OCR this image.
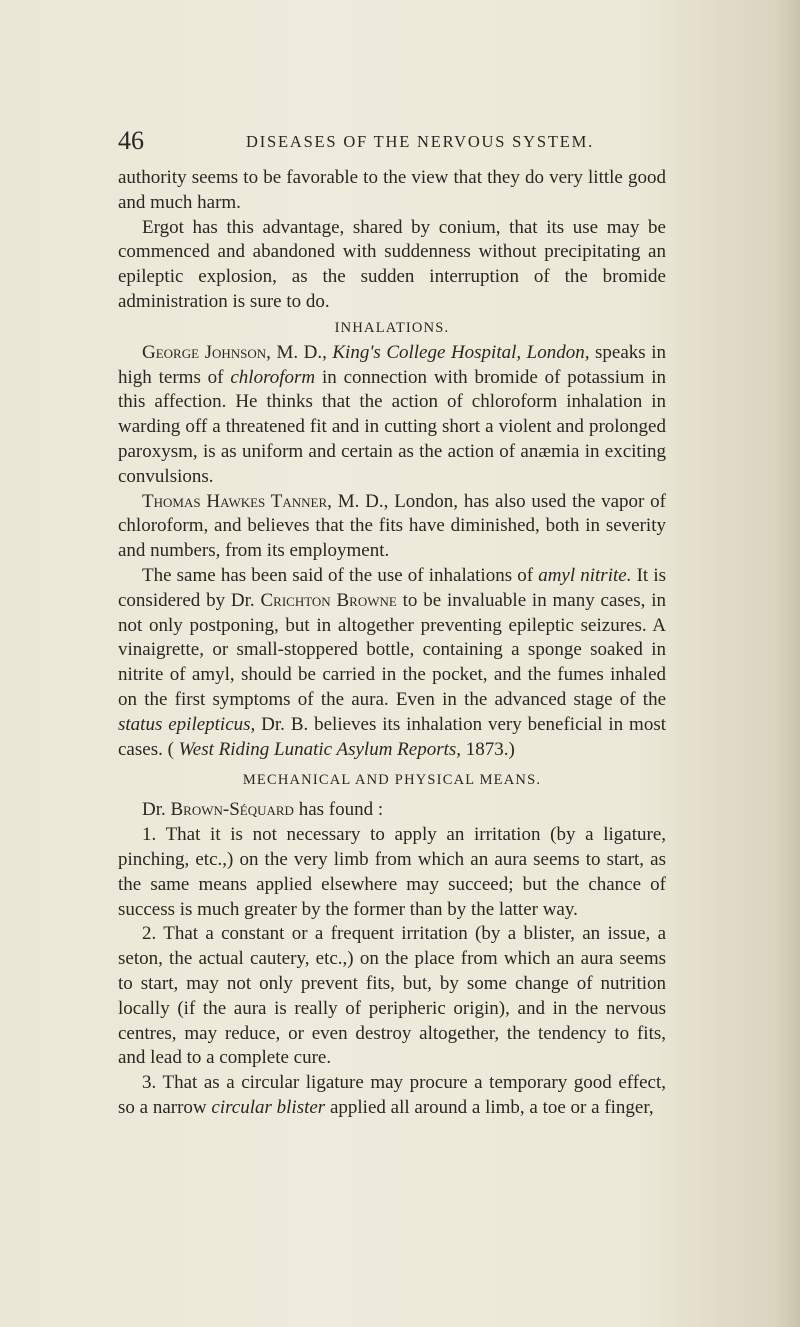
46	DISEASES OF THE NERVOUS SYSTEM.

authority seems to be favorable to the view that they do very little good and much harm.

Ergot has this advantage, shared by conium, that its use may be commenced and abandoned with suddenness without precipitating an epileptic explosion, as the sudden interruption of the bromide administration is sure to do.

INHALATIONS.

George Johnson, M. D., King's College Hospital, London, speaks in high terms of chloroform in connection with bromide of potassium in this affection. He thinks that the action of chloroform inhalation in warding off a threatened fit and in cutting short a violent and prolonged paroxysm, is as uniform and certain as the action of anæmia in exciting convulsions.

Thomas Hawkes Tanner, M. D., London, has also used the vapor of chloroform, and believes that the fits have diminished, both in severity and numbers, from its employment.

The same has been said of the use of inhalations of amyl nitrite. It is considered by Dr. Crichton Browne to be invaluable in many cases, in not only postponing, but in altogether preventing epileptic seizures. A vinaigrette, or small-stoppered bottle, containing a sponge soaked in nitrite of amyl, should be carried in the pocket, and the fumes inhaled on the first symptoms of the aura. Even in the advanced stage of the status epilepticus, Dr. B. believes its inhalation very beneficial in most cases. ( West Riding Lunatic Asylum Reports, 1873.)

MECHANICAL AND PHYSICAL MEANS.

Dr. Brown-Séquard has found :

1. That it is not necessary to apply an irritation (by a ligature, pinching, etc.,) on the very limb from which an aura seems to start, as the same means applied elsewhere may succeed; but the chance of success is much greater by the former than by the latter way.

2. That a constant or a frequent irritation (by a blister, an issue, a seton, the actual cautery, etc.,) on the place from which an aura seems to start, may not only prevent fits, but, by some change of nutrition locally (if the aura is really of peripheric origin), and in the nervous centres, may reduce, or even destroy altogether, the tendency to fits, and lead to a complete cure.

3. That as a circular ligature may procure a temporary good effect, so a narrow circular blister applied all around a limb, a toe or a finger,
